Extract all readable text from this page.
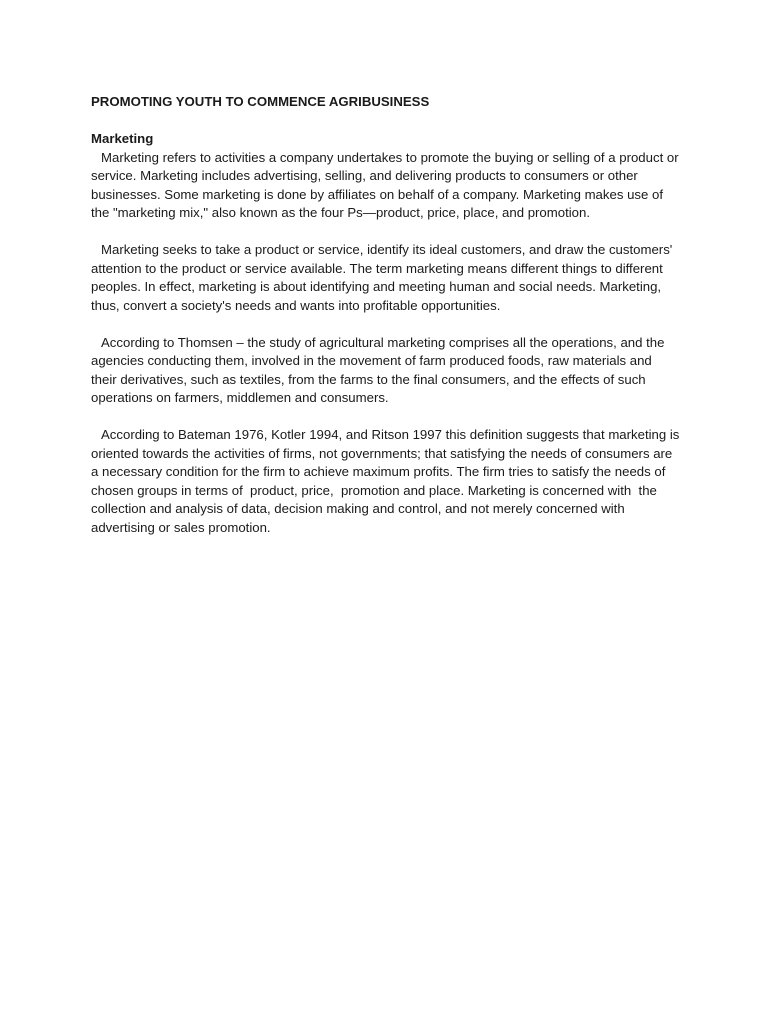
PROMOTING YOUTH TO COMMENCE AGRIBUSINESS
Marketing

Marketing refers to activities a company undertakes to promote the buying or selling of a product or service. Marketing includes advertising, selling, and delivering products to consumers or other businesses. Some marketing is done by affiliates on behalf of a company. Marketing makes use of the "marketing mix," also known as the four Ps—product, price, place, and promotion.

Marketing seeks to take a product or service, identify its ideal customers, and draw the customers' attention to the product or service available. The term marketing means different things to different peoples. In effect, marketing is about identifying and meeting human and social needs. Marketing, thus, convert a society's needs and wants into profitable opportunities.

According to Thomsen – the study of agricultural marketing comprises all the operations, and the agencies conducting them, involved in the movement of farm produced foods, raw materials and their derivatives, such as textiles, from the farms to the final consumers, and the effects of such operations on farmers, middlemen and consumers.

According to Bateman 1976, Kotler 1994, and Ritson 1997 this definition suggests that marketing is oriented towards the activities of firms, not governments; that satisfying the needs of consumers are a necessary condition for the firm to achieve maximum profits. The firm tries to satisfy the needs of chosen groups in terms of  product, price,  promotion and place. Marketing is concerned with  the collection and analysis of data, decision making and control, and not merely concerned with advertising or sales promotion.
